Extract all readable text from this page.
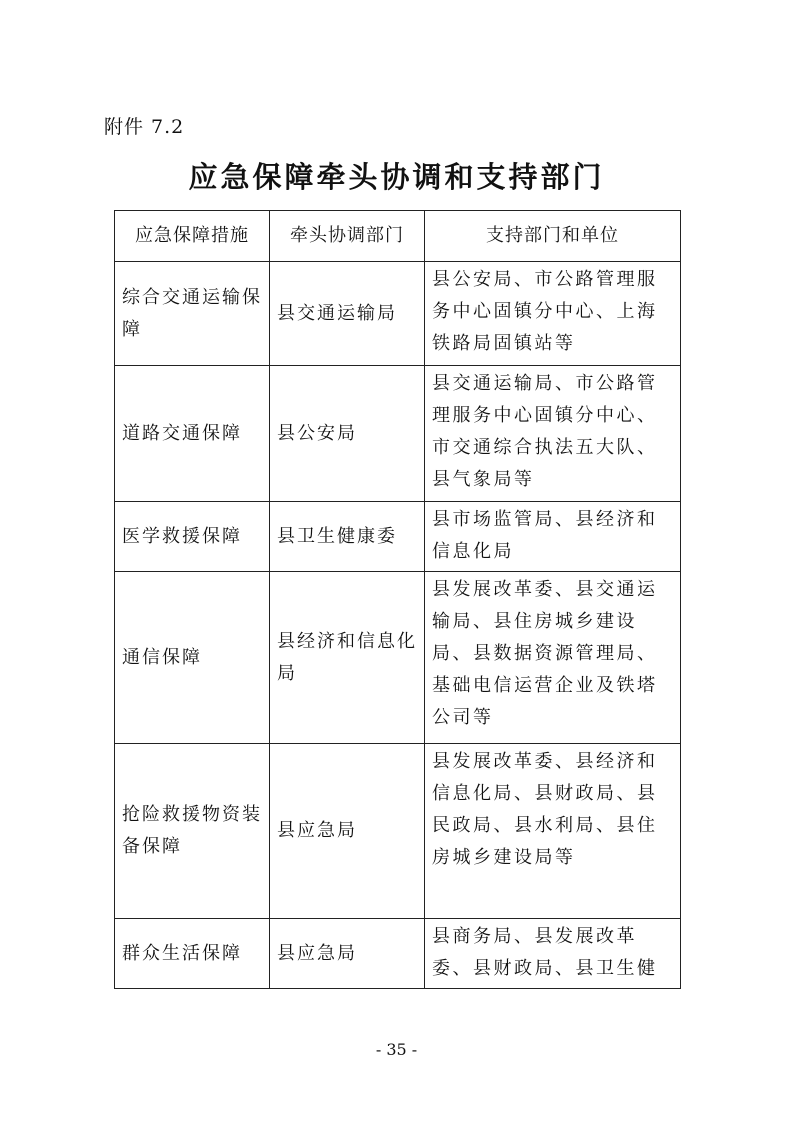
附件 7.2
应急保障牵头协调和支持部门
应急保障措施	牵头协调部门	支持部门和单位
综合交通运输保障	县交通运输局	县公安局、市公路管理服务中心固镇分中心、上海铁路局固镇站等
道路交通保障	县公安局	县交通运输局、市公路管理服务中心固镇分中心、市交通综合执法五大队、县气象局等
医学救援保障	县卫生健康委	县市场监管局、县经济和信息化局
通信保障	县经济和信息化局	县发展改革委、县交通运输局、县住房城乡建设局、县数据资源管理局、基础电信运营企业及铁塔公司等
抢险救援物资装备保障	县应急局	县发展改革委、县经济和信息化局、县财政局、县民政局、县水利局、县住房城乡建设局等
群众生活保障	县应急局	县商务局、县发展改革委、县财政局、县卫生健
- 35 -
